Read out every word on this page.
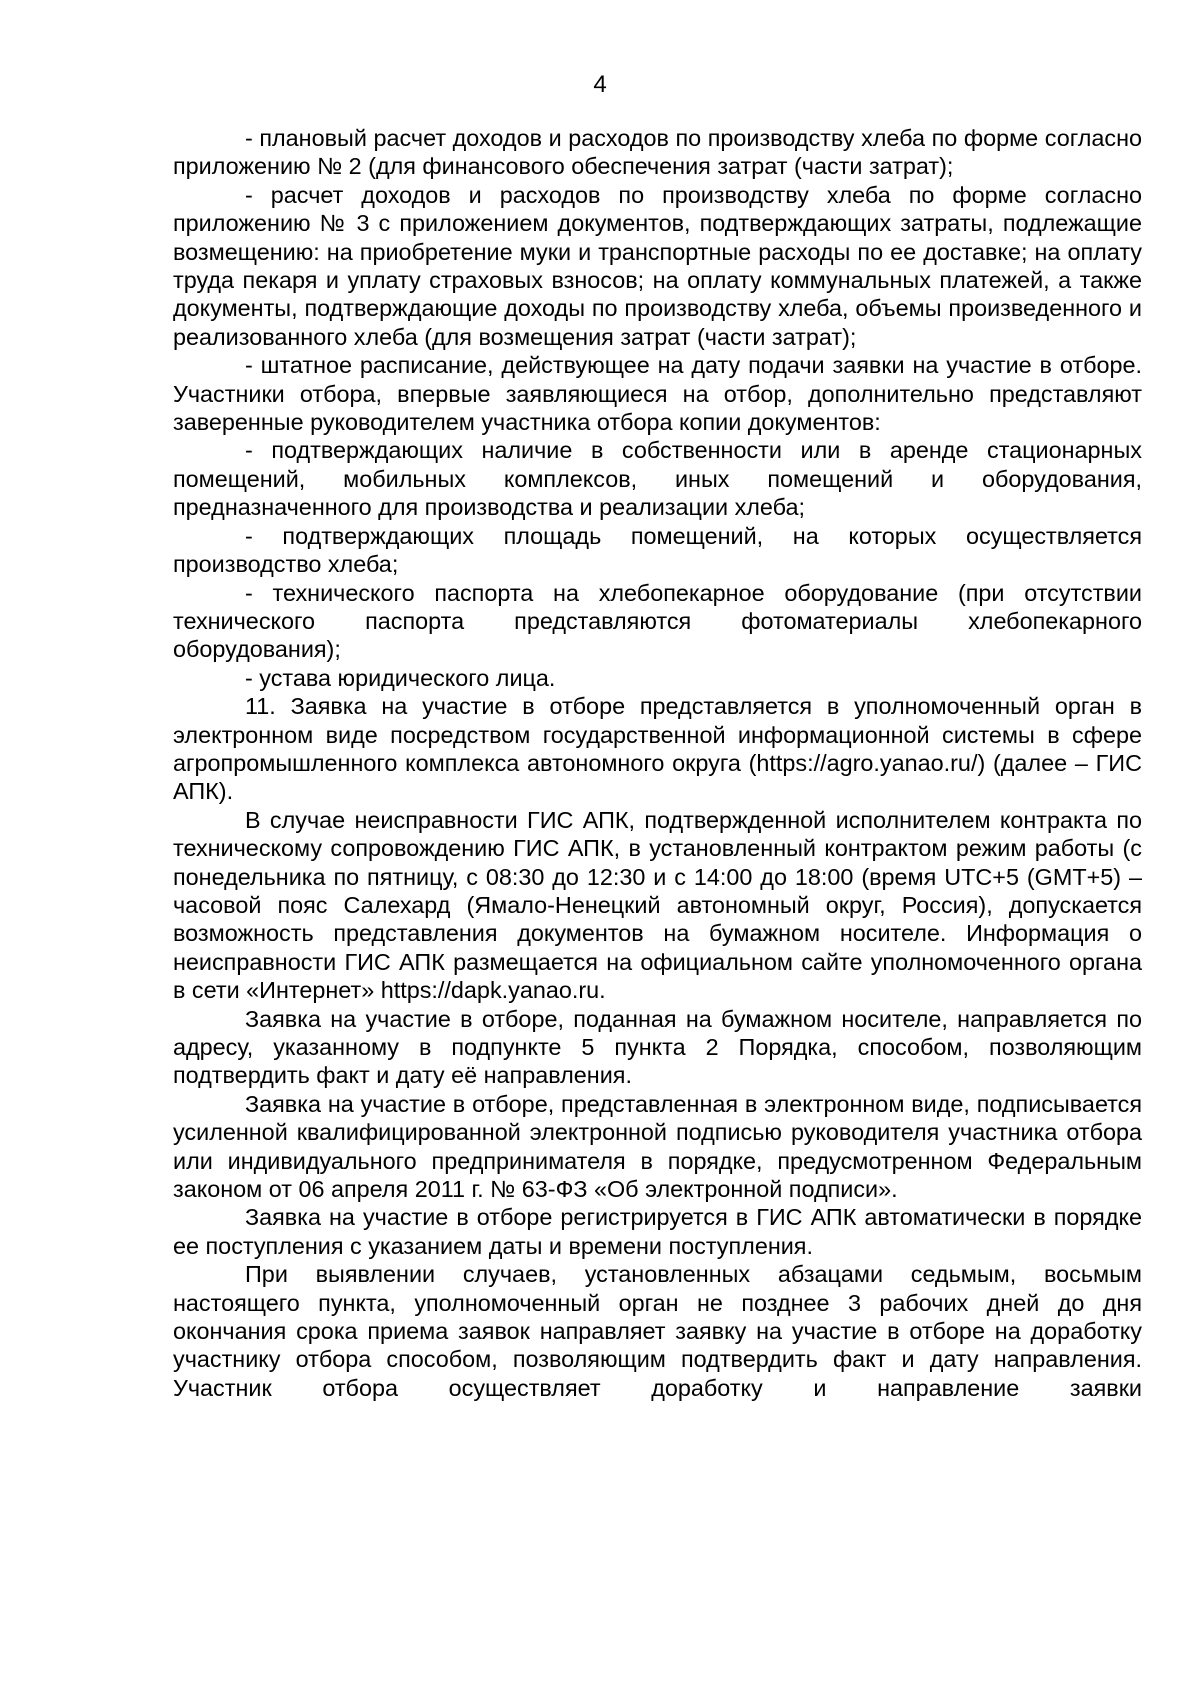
4

- плановый расчет доходов и расходов по производству хлеба по форме согласно приложению № 2 (для финансового обеспечения затрат (части затрат);

- расчет доходов и расходов по производству хлеба по форме согласно приложению № 3 с приложением документов, подтверждающих затраты, подлежащие возмещению: на приобретение муки и транспортные расходы по ее доставке; на оплату труда пекаря и уплату страховых взносов; на оплату коммунальных платежей, а также документы, подтверждающие доходы по производству хлеба, объемы произведенного и реализованного хлеба (для возмещения затрат (части затрат);

- штатное расписание, действующее на дату подачи заявки на участие в отборе. Участники отбора, впервые заявляющиеся на отбор, дополнительно представляют заверенные руководителем участника отбора копии документов:

- подтверждающих наличие в собственности или в аренде стационарных помещений, мобильных комплексов, иных помещений и оборудования, предназначенного для производства и реализации хлеба;

- подтверждающих площадь помещений, на которых осуществляется производство хлеба;

- технического паспорта на хлебопекарное оборудование (при отсутствии технического паспорта представляются фотоматериалы хлебопекарного оборудования);

- устава юридического лица.

11. Заявка на участие в отборе представляется в уполномоченный орган в электронном виде посредством государственной информационной системы в сфере агропромышленного комплекса автономного округа (https://agro.yanao.ru/) (далее – ГИС АПК).

В случае неисправности ГИС АПК, подтвержденной исполнителем контракта по техническому сопровождению ГИС АПК, в установленный контрактом режим работы (с понедельника по пятницу, с 08:30 до 12:30 и с 14:00 до 18:00 (время UTC+5 (GMT+5) – часовой пояс Салехард (Ямало-Ненецкий автономный округ, Россия), допускается возможность представления документов на бумажном носителе. Информация о неисправности ГИС АПК размещается на официальном сайте уполномоченного органа в сети «Интернет» https://dapk.yanao.ru.

Заявка на участие в отборе, поданная на бумажном носителе, направляется по адресу, указанному в подпункте 5 пункта 2 Порядка, способом, позволяющим подтвердить факт и дату её направления.

Заявка на участие в отборе, представленная в электронном виде, подписывается усиленной квалифицированной электронной подписью руководителя участника отбора или индивидуального предпринимателя в порядке, предусмотренном Федеральным законом от 06 апреля 2011 г. № 63-ФЗ «Об электронной подписи».

Заявка на участие в отборе регистрируется в ГИС АПК автоматически в порядке ее поступления с указанием даты и времени поступления.

При выявлении случаев, установленных абзацами седьмым, восьмым настоящего пункта, уполномоченный орган не позднее 3 рабочих дней до дня окончания срока приема заявок направляет заявку на участие в отборе на доработку участнику отбора способом, позволяющим подтвердить факт и дату направления. Участник отбора осуществляет доработку и направление заявки
